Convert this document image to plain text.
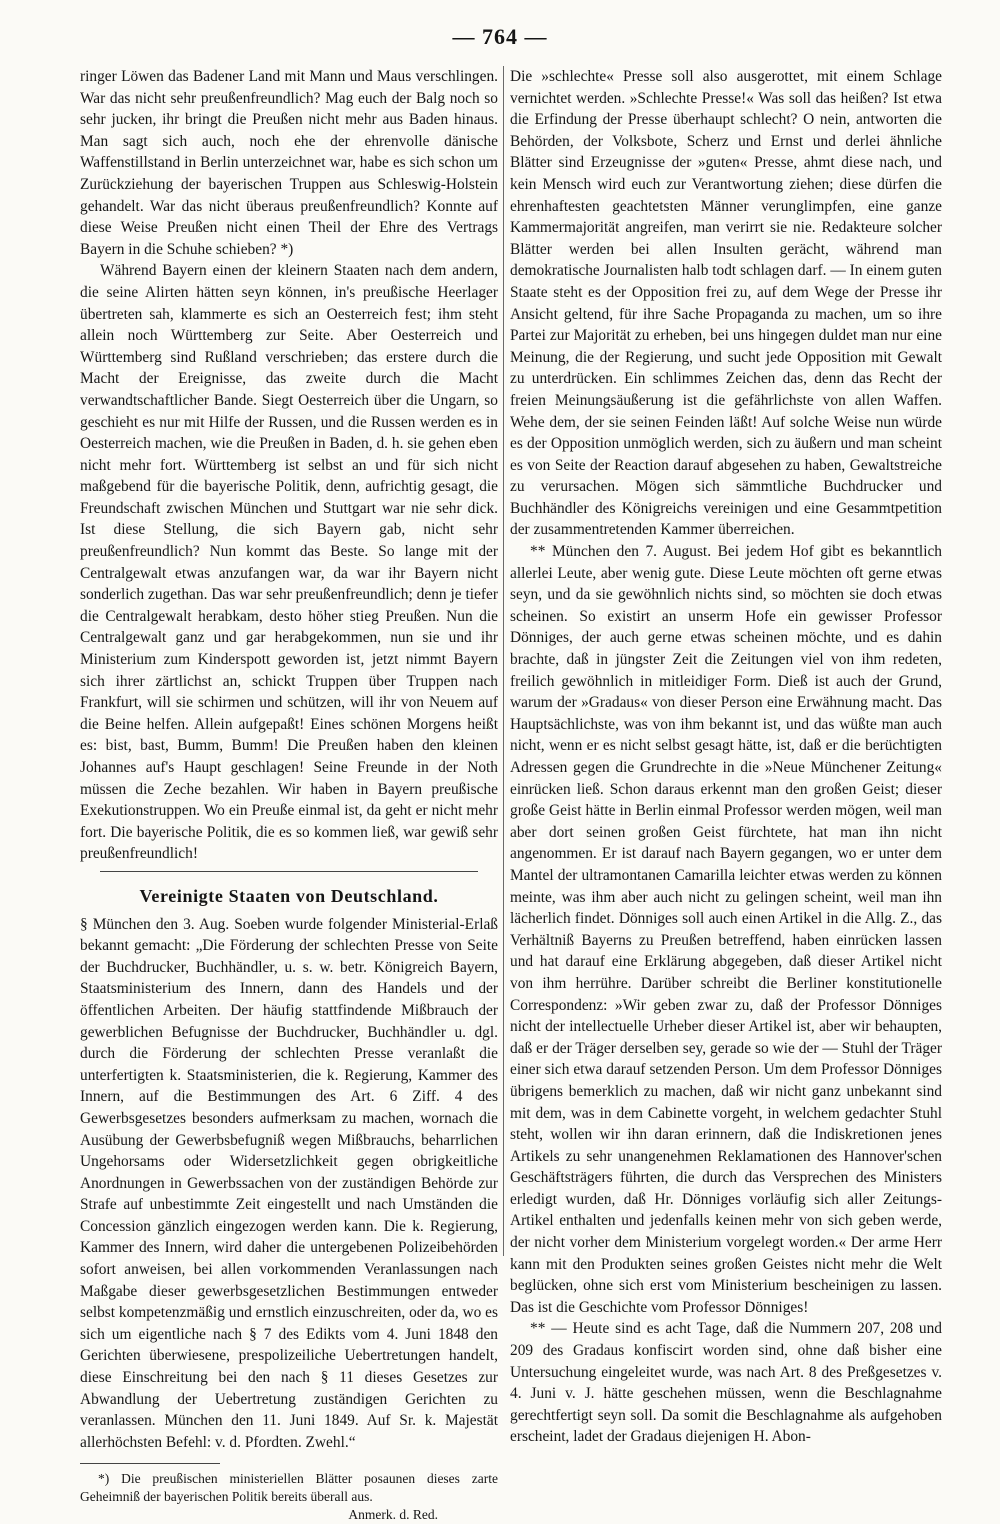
— 764 —

ringer Löwen das Badener Land mit Mann und Maus verschlingen. War das nicht sehr preußenfreundlich? Mag euch der Balg noch so sehr jucken, ihr bringt die Preußen nicht mehr aus Baden hinaus. Man sagt sich auch, noch ehe der ehrenvolle dänische Waffenstillstand in Berlin unterzeichnet war, habe es sich schon um Zurückziehung der bayerischen Truppen aus Schleswig-Holstein gehandelt. War das nicht überaus preußenfreundlich? Konnte auf diese Weise Preußen nicht einen Theil der Ehre des Vertrags Bayern in die Schuhe schieben? *)

Während Bayern einen der kleinern Staaten nach dem andern, die seine Alirten hätten seyn können, in's preußische Heerlager übertreten sah, klammerte es sich an Oesterreich fest; ihm steht allein noch Württemberg zur Seite. Aber Oesterreich und Württemberg sind Rußland verschrieben; das erstere durch die Macht der Ereignisse, das zweite durch die Macht verwandtschaftlicher Bande. Siegt Oesterreich über die Ungarn, so geschieht es nur mit Hilfe der Russen, und die Russen werden es in Oesterreich machen, wie die Preußen in Baden, d. h. sie gehen eben nicht mehr fort. Württemberg ist selbst an und für sich nicht maßgebend für die bayerische Politik, denn, aufrichtig gesagt, die Freundschaft zwischen München und Stuttgart war nie sehr dick. Ist diese Stellung, die sich Bayern gab, nicht sehr preußenfreundlich? Nun kommt das Beste. So lange mit der Centralgewalt etwas anzufangen war, da war ihr Bayern nicht sonderlich zugethan. Das war sehr preußenfreundlich; denn je tiefer die Centralgewalt herabkam, desto höher stieg Preußen. Nun die Centralgewalt ganz und gar herabgekommen, nun sie und ihr Ministerium zum Kinderspott geworden ist, jetzt nimmt Bayern sich ihrer zärtlichst an, schickt Truppen über Truppen nach Frankfurt, will sie schirmen und schützen, will ihr von Neuem auf die Beine helfen. Allein aufgepaßt! Eines schönen Morgens heißt es: bist, bast, Bumm, Bumm! Die Preußen haben den kleinen Johannes auf's Haupt geschlagen! Seine Freunde in der Noth müssen die Zeche bezahlen. Wir haben in Bayern preußische Exekutionstruppen. Wo ein Preuße einmal ist, da geht er nicht mehr fort. Die bayerische Politik, die es so kommen ließ, war gewiß sehr preußenfreundlich!

Vereinigte Staaten von Deutschland.

§ München den 3. Aug. Soeben wurde folgender Ministerial-Erlaß bekannt gemacht: „Die Förderung der schlechten Presse von Seite der Buchdrucker, Buchhändler, u. s. w. betr. Königreich Bayern, Staatsministerium des Innern, dann des Handels und der öffentlichen Arbeiten. Der häufig stattfindende Mißbrauch der gewerblichen Befugnisse der Buchdrucker, Buchhändler u. dgl. durch die Förderung der schlechten Presse veranlaßt die unterfertigten k. Staatsministerien, die k. Regierung, Kammer des Innern, auf die Bestimmungen des Art. 6 Ziff. 4 des Gewerbsgesetzes besonders aufmerksam zu machen, wornach die Ausübung der Gewerbsbefugniß wegen Mißbrauchs, beharrlichen Ungehorsams oder Widersetzlichkeit gegen obrigkeitliche Anordnungen in Gewerbssachen von der zuständigen Behörde zur Strafe auf unbestimmte Zeit eingestellt und nach Umständen die Concession gänzlich eingezogen werden kann. Die k. Regierung, Kammer des Innern, wird daher die untergebenen Polizeibehörden sofort anweisen, bei allen vorkommenden Veranlassungen nach Maßgabe dieser gewerbsgesetzlichen Bestimmungen entweder selbst kompetenzmäßig und ernstlich einzuschreiten, oder da, wo es sich um eigentliche nach § 7 des Edikts vom 4. Juni 1848 den Gerichten überwiesene, prespolizeiliche Uebertretungen handelt, diese Einschreitung bei den nach § 11 dieses Gesetzes zur Abwandlung der Uebertretung zuständigen Gerichten zu veranlassen. München den 11. Juni 1849. Auf Sr. k. Majestät allerhöchsten Befehl: v. d. Pfordten. Zwehl.“

*) Die preußischen ministeriellen Blätter posaunen dieses zarte Geheimniß der bayerischen Politik bereits überall aus.

Anmerk. d. Red.

Die »schlechte« Presse soll also ausgerottet, mit einem Schlage vernichtet werden. »Schlechte Presse!« Was soll das heißen? Ist etwa die Erfindung der Presse überhaupt schlecht? O nein, antworten die Behörden, der Volksbote, Scherz und Ernst und derlei ähnliche Blätter sind Erzeugnisse der »guten« Presse, ahmt diese nach, und kein Mensch wird euch zur Verantwortung ziehen; diese dürfen die ehrenhaftesten geachtetsten Männer verunglimpfen, eine ganze Kammermajorität angreifen, man verirrt sie nie. Redakteure solcher Blätter werden bei allen Insulten gerächt, während man demokratische Journalisten halb todt schlagen darf. — In einem guten Staate steht es der Opposition frei zu, auf dem Wege der Presse ihr Ansicht geltend, für ihre Sache Propaganda zu machen, um so ihre Partei zur Majorität zu erheben, bei uns hingegen duldet man nur eine Meinung, die der Regierung, und sucht jede Opposition mit Gewalt zu unterdrücken. Ein schlimmes Zeichen das, denn das Recht der freien Meinungsäußerung ist die gefährlichste von allen Waffen. Wehe dem, der sie seinen Feinden läßt! Auf solche Weise nun würde es der Opposition unmöglich werden, sich zu äußern und man scheint es von Seite der Reaction darauf abgesehen zu haben, Gewaltstreiche zu verursachen. Mögen sich sämmtliche Buchdrucker und Buchhändler des Königreichs vereinigen und eine Gesammtpetition der zusammentretenden Kammer überreichen.

** München den 7. August. Bei jedem Hof gibt es bekanntlich allerlei Leute, aber wenig gute. Diese Leute möchten oft gerne etwas seyn, und da sie gewöhnlich nichts sind, so möchten sie doch etwas scheinen. So existirt an unserm Hofe ein gewisser Professor Dönniges, der auch gerne etwas scheinen möchte, und es dahin brachte, daß in jüngster Zeit die Zeitungen viel von ihm redeten, freilich gewöhnlich in mitleidiger Form. Dieß ist auch der Grund, warum der »Gradaus« von dieser Person eine Erwähnung macht. Das Hauptsächlichste, was von ihm bekannt ist, und das wüßte man auch nicht, wenn er es nicht selbst gesagt hätte, ist, daß er die berüchtigten Adressen gegen die Grundrechte in die »Neue Münchener Zeitung« einrücken ließ. Schon daraus erkennt man den großen Geist; dieser große Geist hätte in Berlin einmal Professor werden mögen, weil man aber dort seinen großen Geist fürchtete, hat man ihn nicht angenommen. Er ist darauf nach Bayern gegangen, wo er unter dem Mantel der ultramontanen Camarilla leichter etwas werden zu können meinte, was ihm aber auch nicht zu gelingen scheint, weil man ihn lächerlich findet. Dönniges soll auch einen Artikel in die Allg. Z., das Verhältniß Bayerns zu Preußen betreffend, haben einrücken lassen und hat darauf eine Erklärung abgegeben, daß dieser Artikel nicht von ihm herrühre. Darüber schreibt die Berliner konstitutionelle Correspondenz: »Wir geben zwar zu, daß der Professor Dönniges nicht der intellectuelle Urheber dieser Artikel ist, aber wir behaupten, daß er der Träger derselben sey, gerade so wie der — Stuhl der Träger einer sich etwa darauf setzenden Person. Um dem Professor Dönniges übrigens bemerklich zu machen, daß wir nicht ganz unbekannt sind mit dem, was in dem Cabinette vorgeht, in welchem gedachter Stuhl steht, wollen wir ihn daran erinnern, daß die Indiskretionen jenes Artikels zu sehr unangenehmen Reklamationen des Hannover'schen Geschäftsträgers führten, die durch das Versprechen des Ministers erledigt wurden, daß Hr. Dönniges vorläufig sich aller Zeitungs-Artikel enthalten und jedenfalls keinen mehr von sich geben werde, der nicht vorher dem Ministerium vorgelegt worden.« Der arme Herr kann mit den Produkten seines großen Geistes nicht mehr die Welt beglücken, ohne sich erst vom Ministerium bescheinigen zu lassen. Das ist die Geschichte vom Professor Dönniges!

** — Heute sind es acht Tage, daß die Nummern 207, 208 und 209 des Gradaus konfiscirt worden sind, ohne daß bisher eine Untersuchung eingeleitet wurde, was nach Art. 8 des Preßgesetzes v. 4. Juni v. J. hätte geschehen müssen, wenn die Beschlagnahme gerechtfertigt seyn soll. Da somit die Beschlagnahme als aufgehoben erscheint, ladet der Gradaus diejenigen H. Abon-
